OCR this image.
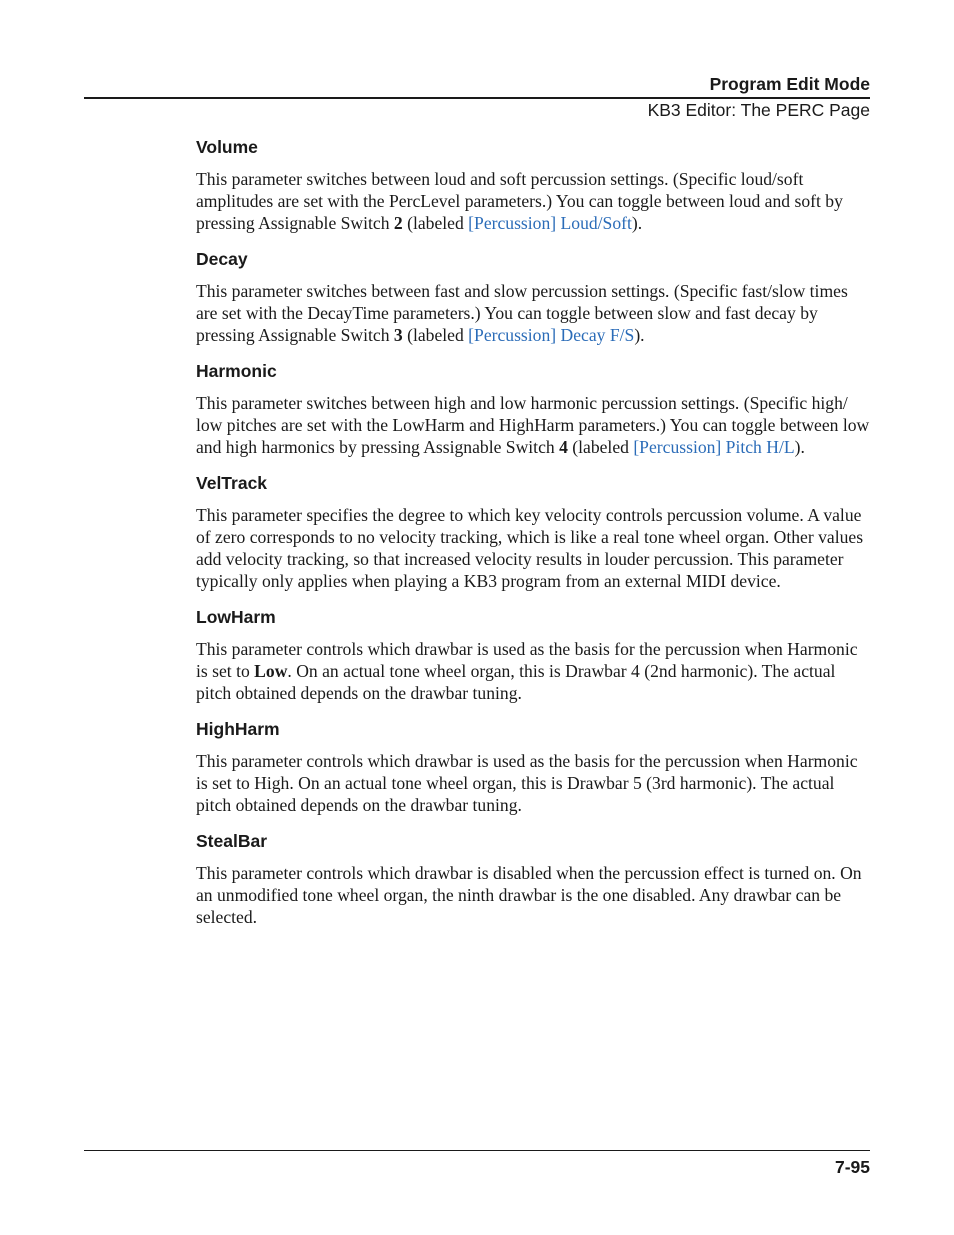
Program Edit Mode
KB3 Editor: The PERC Page
Volume

This parameter switches between loud and soft percussion settings. (Specific loud/soft amplitudes are set with the PercLevel parameters.) You can toggle between loud and soft by pressing Assignable Switch 2 (labeled [Percussion] Loud/Soft).

Decay

This parameter switches between fast and slow percussion settings. (Specific fast/slow times are set with the DecayTime parameters.) You can toggle between slow and fast decay by pressing Assignable Switch 3 (labeled [Percussion] Decay F/S).

Harmonic

This parameter switches between high and low harmonic percussion settings. (Specific high/ low pitches are set with the LowHarm and HighHarm parameters.) You can toggle between low and high harmonics by pressing Assignable Switch 4 (labeled [Percussion] Pitch H/L).

VelTrack

This parameter specifies the degree to which key velocity controls percussion volume. A value of zero corresponds to no velocity tracking, which is like a real tone wheel organ. Other values add velocity tracking, so that increased velocity results in louder percussion. This parameter typically only applies when playing a KB3 program from an external MIDI device.

LowHarm

This parameter controls which drawbar is used as the basis for the percussion when Harmonic is set to Low. On an actual tone wheel organ, this is Drawbar 4 (2nd harmonic). The actual pitch obtained depends on the drawbar tuning.

HighHarm

This parameter controls which drawbar is used as the basis for the percussion when Harmonic is set to High. On an actual tone wheel organ, this is Drawbar 5 (3rd harmonic). The actual pitch obtained depends on the drawbar tuning.

StealBar

This parameter controls which drawbar is disabled when the percussion effect is turned on. On an unmodified tone wheel organ, the ninth drawbar is the one disabled. Any drawbar can be selected.

7-95
